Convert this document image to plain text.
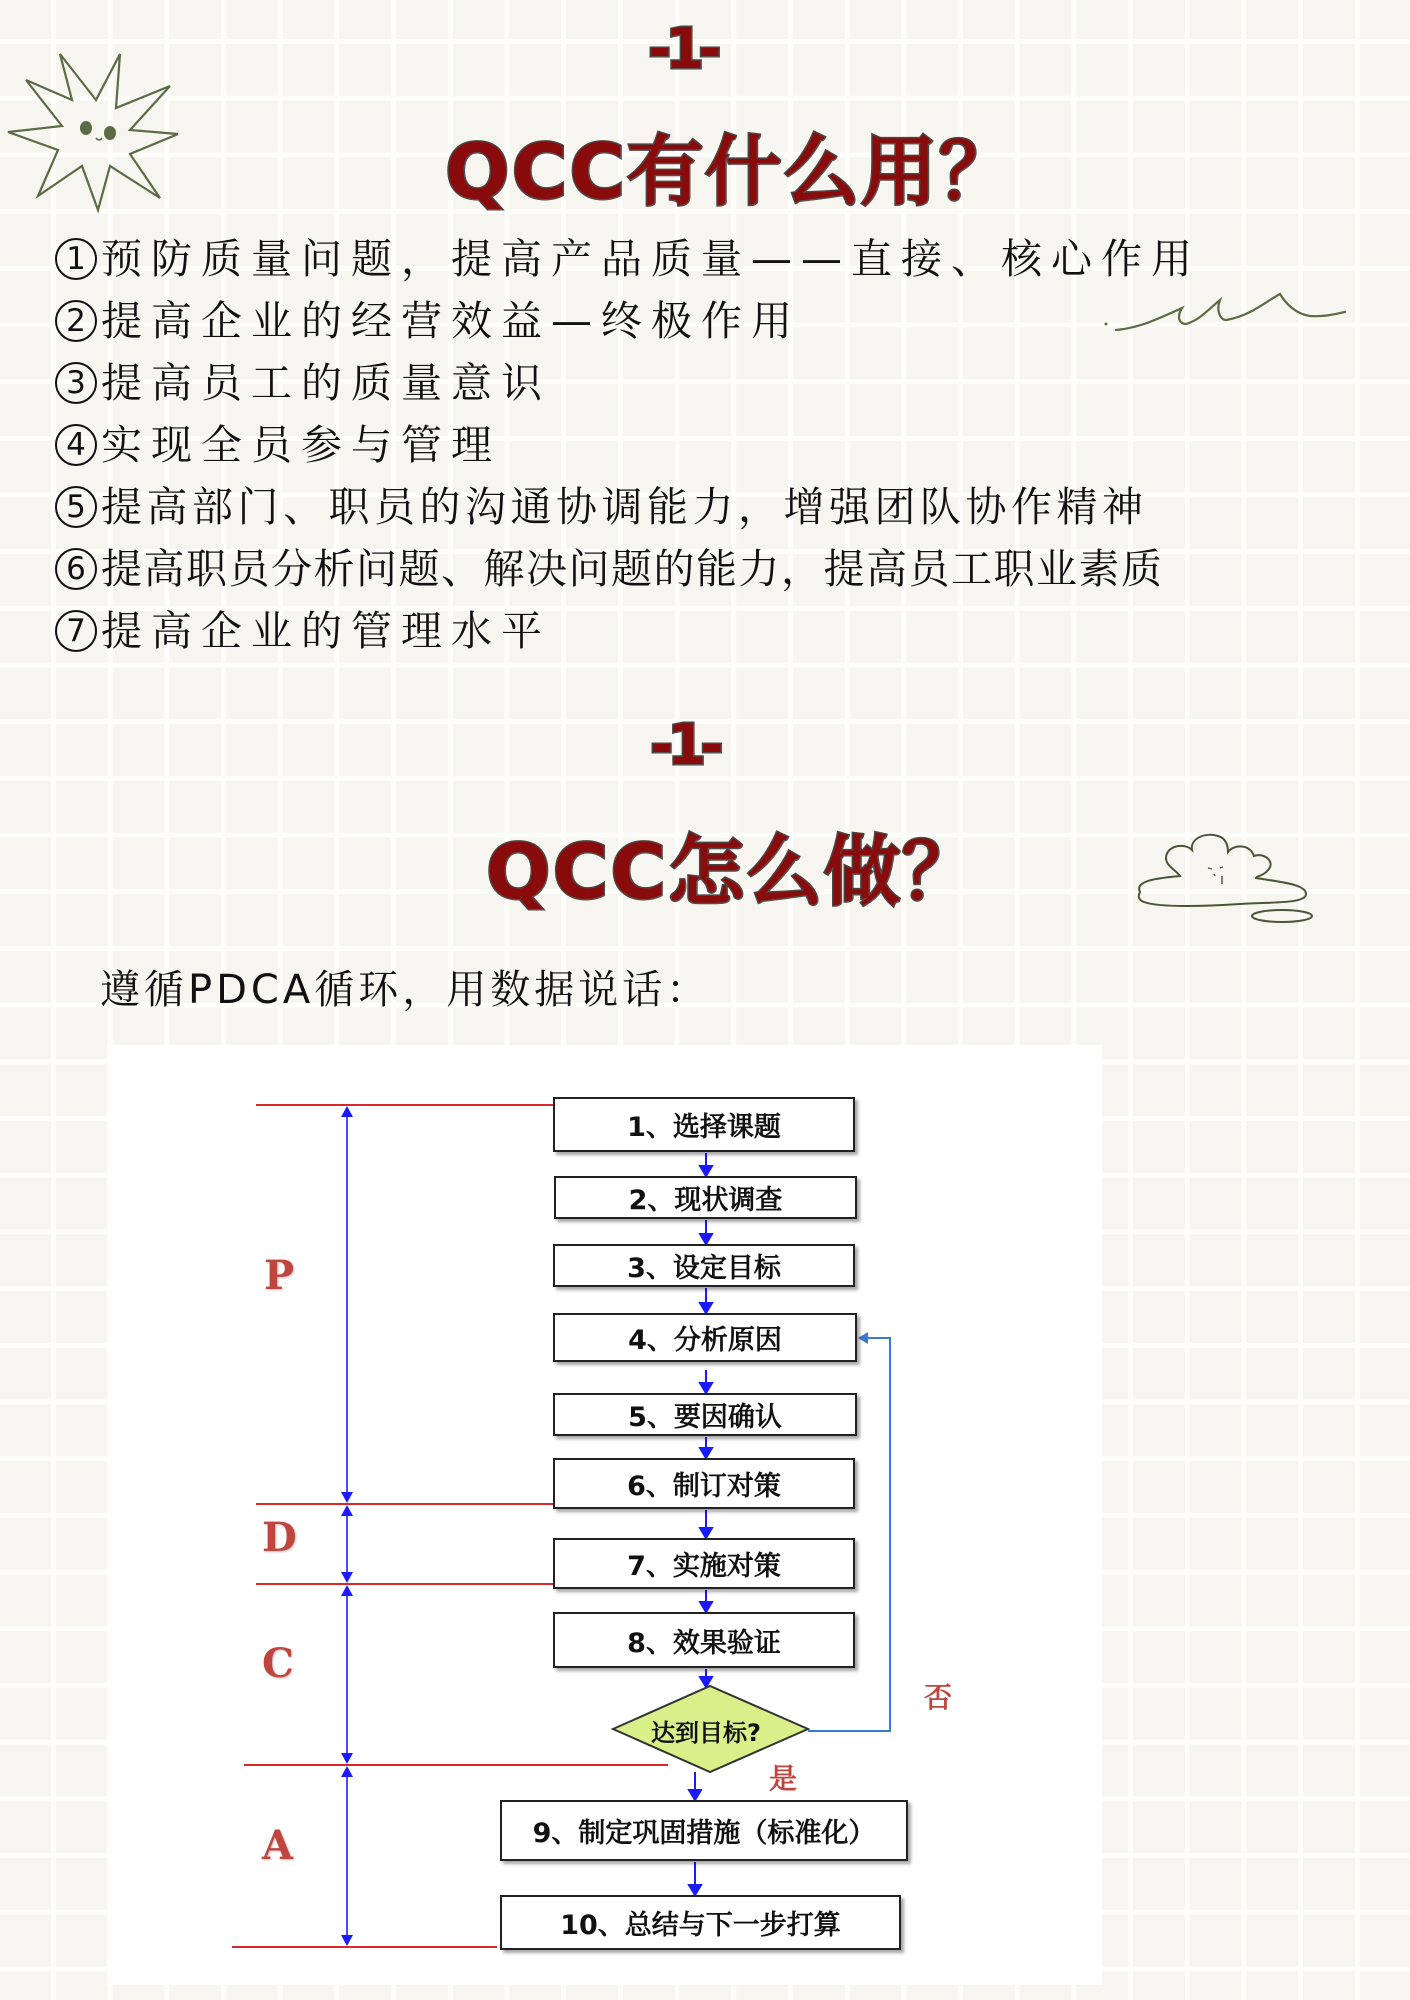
-1-
QCC有什么用？
1 预防质量问题，提高产品质量——直接、核心作用
2 提高企业的经营效益—终极作用
3 提高员工的质量意识
4 实现全员参与管理
5 提高部门、职员的沟通协调能力，增强团队协作精神
6 提高职员分析问题、解决问题的能力，提高员工职业素质
7 提高企业的管理水平
-1-
QCC怎么做？
遵循PDCA循环，用数据说话：
P
D
C
A
1、选择课题
2、现状调查
3、设定目标
4、分析原因
5、要因确认
6、制订对策
7、实施对策
8、效果验证
达到目标?
否
是
9、制定巩固措施（标准化）
10、总结与下一步打算
